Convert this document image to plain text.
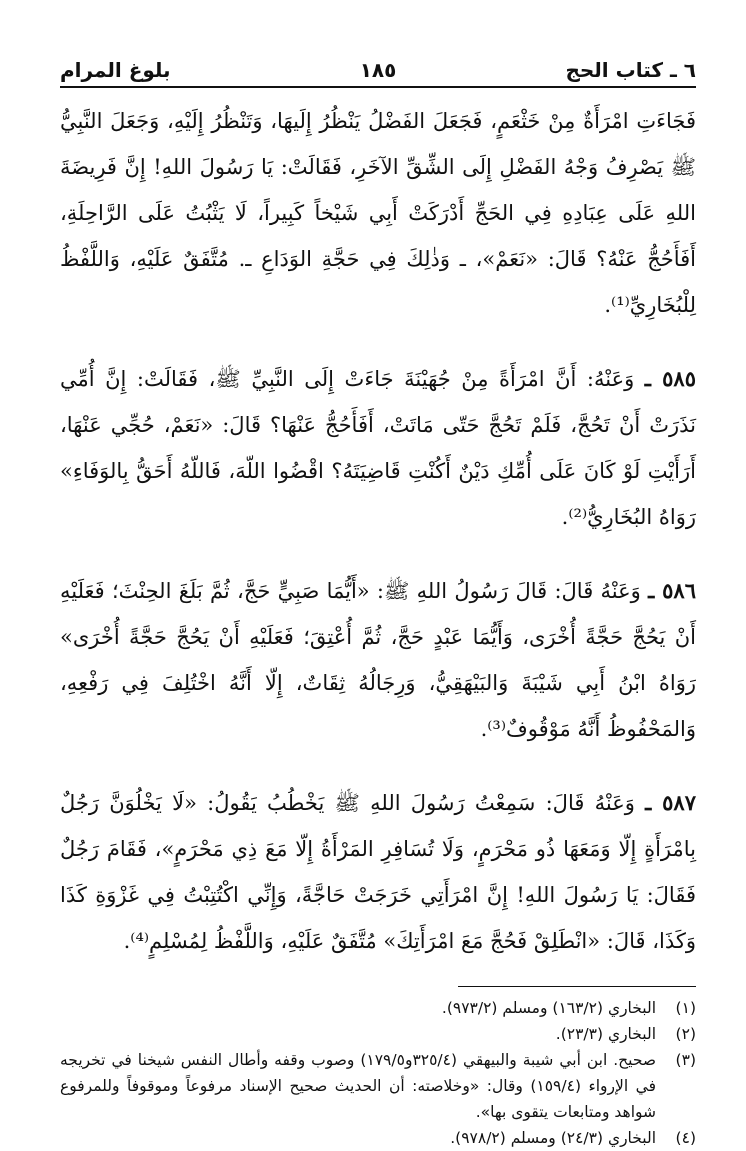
٦ ـ كتاب الحج
١٨٥
بلوغ المرام

فَجَاءَتِ امْرَأَةٌ مِنْ خَثْعَمٍ، فَجَعَلَ الفَضْلُ يَنْظُرُ إِلَيهَا، وَتَنْظُرُ إِلَيْهِ، وَجَعَلَ النَّبِيُّ ﷺ يَصْرِفُ وَجْهُ الفَضْلِ إِلَى الشِّقِّ الآخَرِ، فَقَالَتْ: يَا رَسُولَ اللهِ! إِنَّ فَرِيضَةَ اللهِ عَلَى عِبَادِهِ فِي الحَجِّ أَدْرَكَتْ أَبِي شَيْخاً كَبِيراً، لَا يَثْبُتُ عَلَى الرَّاحِلَةِ، أَفَأَحُجُّ عَنْهُ؟ قَالَ: «نَعَمْ»، ـ وَذٰلِكَ فِي حَجَّةِ الوَدَاعِ ـ. مُتَّفَقٌ عَلَيْهِ، وَاللَّفْظُ لِلْبُخَارِيِّ⁽¹⁾.

٥٨٥ ـ وَعَنْهُ: أَنَّ امْرَأَةً مِنْ جُهَيْنَةَ جَاءَتْ إِلَى النَّبِيِّ ﷺ، فَقَالَتْ: إِنَّ أُمِّي نَذَرَتْ أَنْ تَحُجَّ، فَلَمْ تَحُجَّ حَتّى مَاتَتْ، أَفَأَحُجُّ عَنْهَا؟ قَالَ: «نَعَمْ، حُجِّي عَنْهَا، أَرَأَيْتِ لَوْ كَانَ عَلَى أُمِّكِ دَيْنٌ أَكُنْتِ قَاضِيَتَهُ؟ اقْضُوا اللّهَ، فَاللّهُ أَحَقُّ بِالوَفَاءِ» رَوَاهُ البُخَارِيُّ⁽²⁾.

٥٨٦ ـ وَعَنْهُ قَالَ: قَالَ رَسُولُ اللهِ ﷺ: «أَيُّمَا صَبِيٍّ حَجَّ، ثُمَّ بَلَغَ الحِنْثَ؛ فَعَلَيْهِ أَنْ يَحُجَّ حَجَّةً أُخْرَى، وَأَيُّمَا عَبْدٍ حَجَّ، ثُمَّ أُعْتِقَ؛ فَعَلَيْهِ أَنْ يَحُجَّ حَجَّةً أُخْرَى» رَوَاهُ ابْنُ أَبِي شَيْبَةَ وَالبَيْهَقِيُّ، وَرِجَالُهُ ثِقَاتٌ، إِلّا أَنَّهُ اخْتُلِفَ فِي رَفْعِهِ، وَالمَحْفُوظُ أَنَّهُ مَوْقُوفٌ⁽³⁾.

٥٨٧ ـ وَعَنْهُ قَالَ: سَمِعْتُ رَسُولَ اللهِ ﷺ يَخْطُبُ يَقُولُ: «لَا يَخْلُوَنَّ رَجُلٌ بِامْرَأَةٍ إِلّا وَمَعَهَا ذُو مَحْرَمٍ، وَلَا تُسَافِرِ المَرْأَةُ إِلّا مَعَ ذِي مَحْرَمٍ»، فَقَامَ رَجُلٌ فَقَالَ: يَا رَسُولَ اللهِ! إِنَّ امْرَأَتِي خَرَجَتْ حَاجَّةً، وَإِنِّي اكْتُتِبْتُ فِي غَزْوَةِ كَذَا وَكَذَا، قَالَ: «انْطَلِقْ فَحُجَّ مَعَ امْرَأَتِكَ» مُتَّفَقٌ عَلَيْهِ، وَاللَّفْظُ لِمُسْلِمٍ⁽⁴⁾.

(١)
البخاري (١٦٣/٢) ومسلم (٩٧٣/٢).
(٢)
البخاري (٢٣/٣).
(٣)
صحيح. ابن أبي شيبة والبيهقي (٣٢٥/٤و١٧٩/٥) وصوب وقفه وأطال النفس شيخنا في تخريجه في الإرواء (١٥٩/٤) وقال: «وخلاصته: أن الحديث صحيح الإسناد مرفوعاً وموقوفاً وللمرفوع شواهد ومتابعات يتقوى بها».
(٤)
البخاري (٢٤/٣) ومسلم (٩٧٨/٢).
